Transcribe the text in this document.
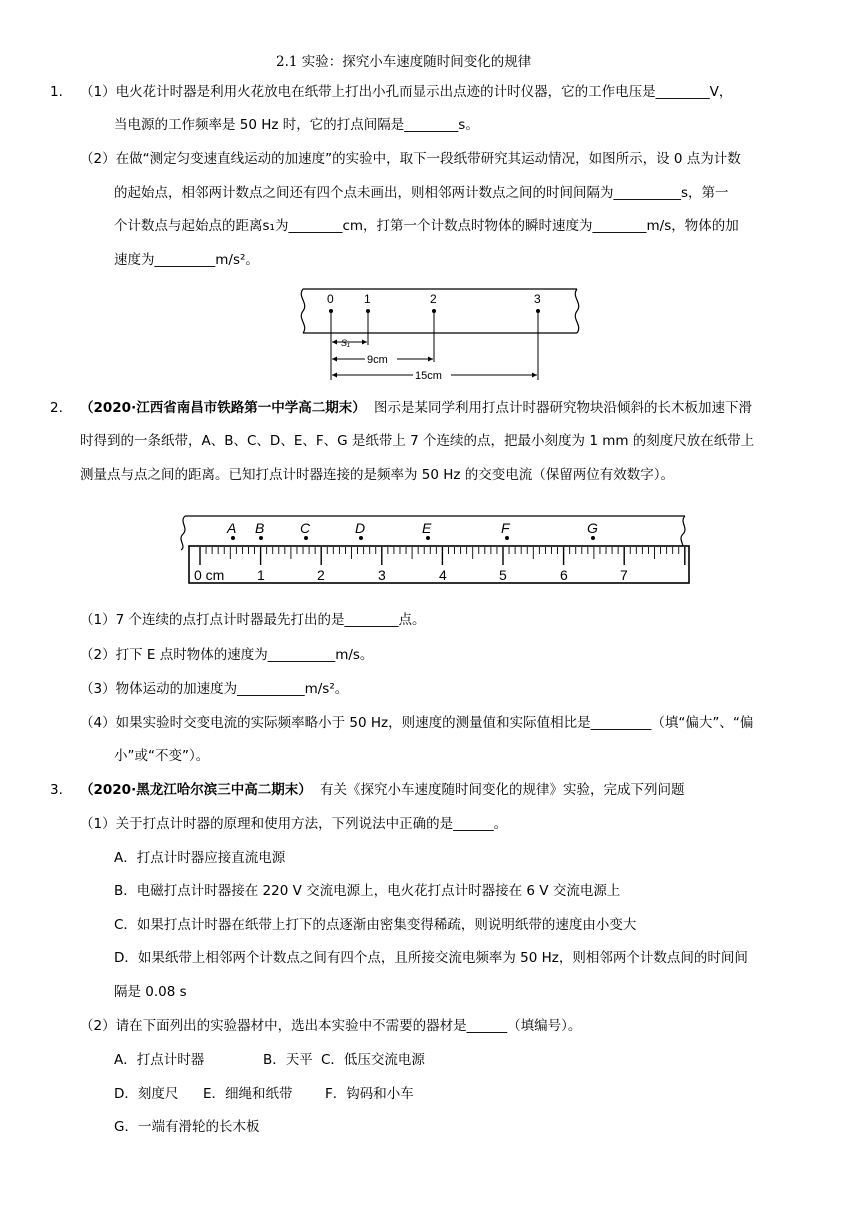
2.1 实验：探究小车速度随时间变化的规律
1. （1）电火花计时器是利用火花放电在纸带上打出小孔而显示出点迹的计时仪器，它的工作电压是________V，
当电源的工作频率是 50 Hz 时，它的打点间隔是________s。
（2）在做“测定匀变速直线运动的加速度”的实验中，取下一段纸带研究其运动情况，如图所示，设 0 点为计数
的起始点，相邻两计数点之间还有四个点未画出，则相邻两计数点之间的时间间隔为__________s，第一
个计数点与起始点的距离s₁为________cm，打第一个计数点时物体的瞬时速度为________m/s，物体的加
速度为_________m/s²。
0	1	2	3
S₁
9cm
15cm
2. （2020·江西省南昌市铁路第一中学高二期末） 图示是某同学利用打点计时器研究物块沿倾斜的长木板加速下滑
时得到的一条纸带，A、B、C、D、E、F、G 是纸带上 7 个连续的点，把最小刻度为 1 mm 的刻度尺放在纸带上
测量点与点之间的距离。已知打点计时器连接的是频率为 50 Hz 的交变电流（保留两位有效数字）。
0 cm 1	2	3	4	5	6	7
A B	C	D	E	F	G
（1）7 个连续的点打点计时器最先打出的是________点。
（2）打下 E 点时物体的速度为__________m/s。
（3）物体运动的加速度为__________m/s²。
（4）如果实验时交变电流的实际频率略小于 50 Hz，则速度的测量值和实际值相比是_________（填“偏大”、“偏
小”或“不变”）。
3. （2020·黑龙江哈尔滨三中高二期末） 有关《探究小车速度随时间变化的规律》实验，完成下列问题
（1）关于打点计时器的原理和使用方法，下列说法中正确的是______。
A．打点计时器应接直流电源
B．电磁打点计时器接在 220 V 交流电源上，电火花打点计时器接在 6 V 交流电源上
C．如果打点计时器在纸带上打下的点逐渐由密集变得稀疏，则说明纸带的速度由小变大
D．如果纸带上相邻两个计数点之间有四个点，且所接交流电频率为 50 Hz，则相邻两个计数点间的时间间
隔是 0.08 s
（2）请在下面列出的实验器材中，选出本实验中不需要的器材是______（填编号）。
A．打点计时器	B．天平 C．低压交流电源
D．刻度尺 E．细绳和纸带 F．钩码和小车
G．一端有滑轮的长木板
